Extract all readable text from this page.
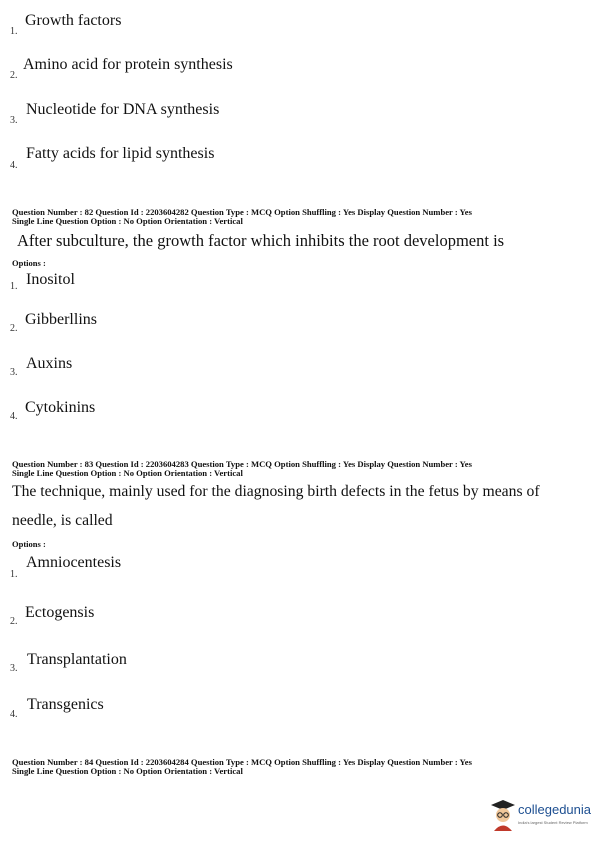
1.
Growth factors
2.
Amino acid for protein synthesis
3.
Nucleotide for DNA synthesis
4.
Fatty acids for lipid synthesis
Question Number : 82 Question Id : 2203604282 Question Type : MCQ Option Shuffling : Yes Display Question Number : Yes
Single Line Question Option : No Option Orientation : Vertical
After subculture, the growth factor which inhibits the root development is
Options :
1. Inositol
2.
Gibberllins
3.
Auxins
4.
Cytokinins
Question Number : 83 Question Id : 2203604283 Question Type : MCQ Option Shuffling : Yes Display Question Number : Yes
Single Line Question Option : No Option Orientation : Vertical
The technique, mainly used for the diagnosing birth defects in the fetus by means of
needle, is called
Options :
1.
Amniocentesis
2.
Ectogensis
3.
Transplantation
4.
Transgenics
Question Number : 84 Question Id : 2203604284 Question Type : MCQ Option Shuffling : Yes Display Question Number : Yes
Single Line Question Option : No Option Orientation : Vertical
collegedunia
India's largest Student Review Platform
